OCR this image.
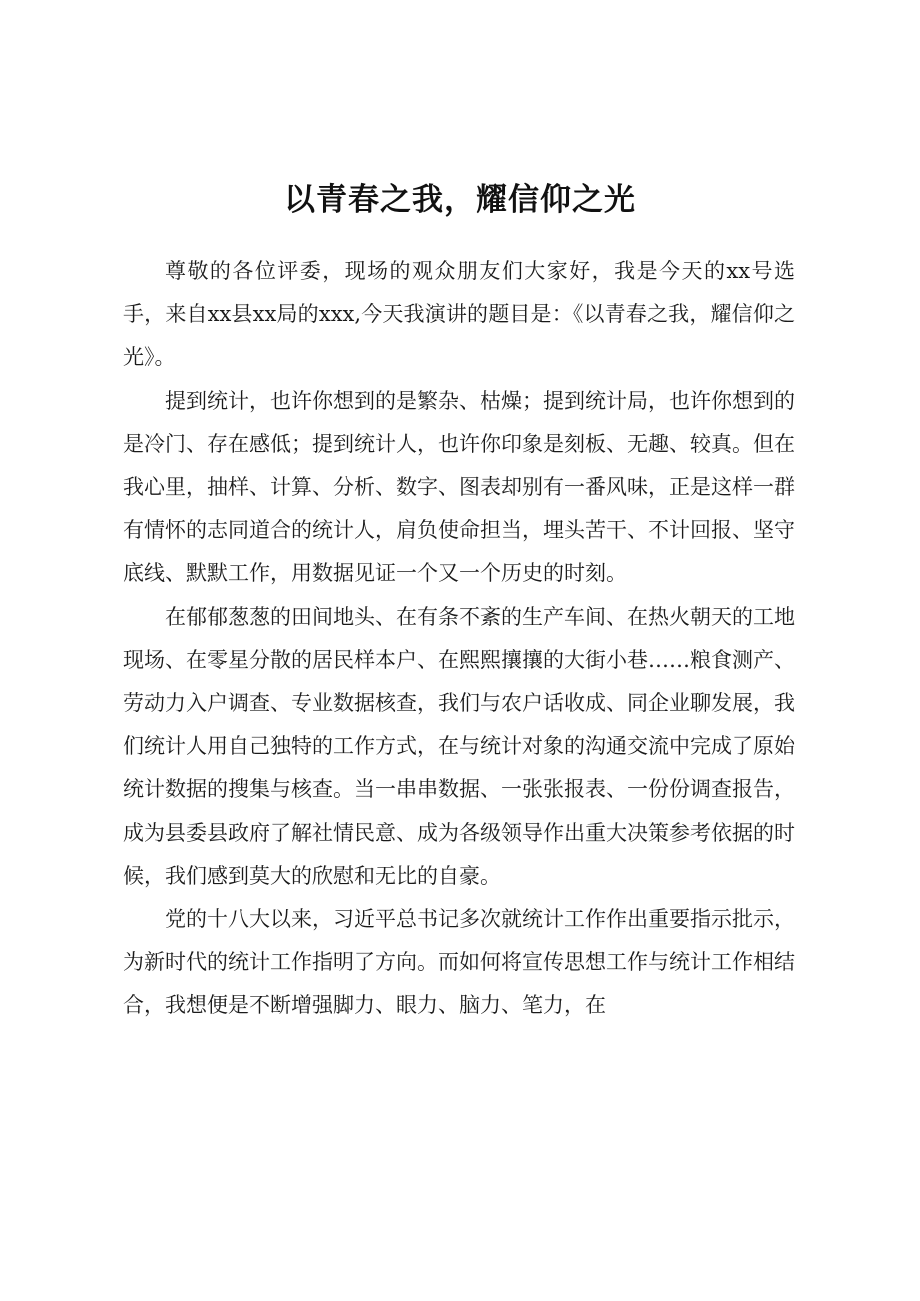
以青春之我，耀信仰之光

尊敬的各位评委，现场的观众朋友们大家好，我是今天的xx号选手，来自xx县xx局的xxx,今天我演讲的题目是：《以青春之我，耀信仰之光》。

提到统计，也许你想到的是繁杂、枯燥；提到统计局，也许你想到的是冷门、存在感低；提到统计人，也许你印象是刻板、无趣、较真。但在我心里，抽样、计算、分析、数字、图表却别有一番风味，正是这样一群有情怀的志同道合的统计人，肩负使命担当，埋头苦干、不计回报、坚守底线、默默工作，用数据见证一个又一个历史的时刻。

在郁郁葱葱的田间地头、在有条不紊的生产车间、在热火朝天的工地现场、在零星分散的居民样本户、在熙熙攘攘的大街小巷……粮食测产、劳动力入户调查、专业数据核查，我们与农户话收成、同企业聊发展，我们统计人用自己独特的工作方式，在与统计对象的沟通交流中完成了原始统计数据的搜集与核查。当一串串数据、一张张报表、一份份调查报告，成为县委县政府了解社情民意、成为各级领导作出重大决策参考依据的时候，我们感到莫大的欣慰和无比的自豪。

党的十八大以来，习近平总书记多次就统计工作作出重要指示批示，为新时代的统计工作指明了方向。而如何将宣传思想工作与统计工作相结合，我想便是不断增强脚力、眼力、脑力、笔力，在
